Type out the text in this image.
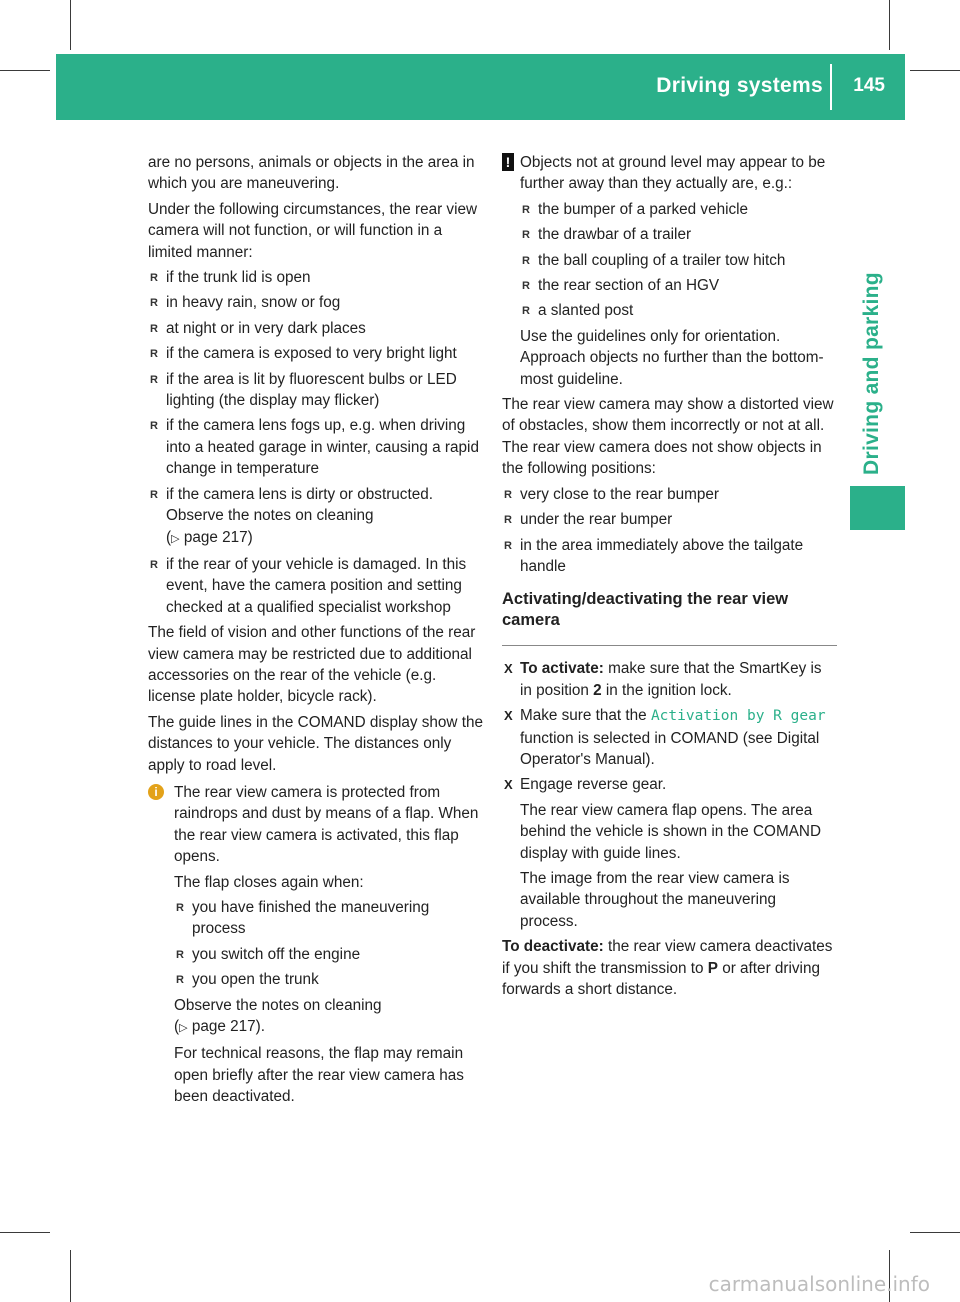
Driving systems 145
Driving and parking

are no persons, animals or objects in the area in which you are maneuvering.

Under the following circumstances, the rear view camera will not function, or will function in a limited manner:

R if the trunk lid is open
R in heavy rain, snow or fog
R at night or in very dark places
R if the camera is exposed to very bright light
R if the area is lit by fluorescent bulbs or LED lighting (the display may flicker)
R if the camera lens fogs up, e.g. when driving into a heated garage in winter, causing a rapid change in temperature
R if the camera lens is dirty or obstructed. Observe the notes on cleaning
(▷ page 217)
R if the rear of your vehicle is damaged. In this event, have the camera position and setting checked at a qualified specialist workshop

The field of vision and other functions of the rear view camera may be restricted due to additional accessories on the rear of the vehicle (e.g. license plate holder, bicycle rack).

The guide lines in the COMAND display show the distances to your vehicle. The distances only apply to road level.

i	The rear view camera is protected from raindrops and dust by means of a flap. When the rear view camera is activated, this flap opens.

The flap closes again when:

R you have finished the maneuvering process
R you switch off the engine
R you open the trunk

Observe the notes on cleaning
(▷ page 217).

For technical reasons, the flap may remain open briefly after the rear view camera has been deactivated.

! Objects not at ground level may appear to be further away than they actually are, e.g.:

R the bumper of a parked vehicle
R the drawbar of a trailer
R the ball coupling of a trailer tow hitch
R the rear section of an HGV
R a slanted post

Use the guidelines only for orientation. Approach objects no further than the bottom-most guideline.

The rear view camera may show a distorted view of obstacles, show them incorrectly or not at all. The rear view camera does not show objects in the following positions:

R very close to the rear bumper
R under the rear bumper
R in the area immediately above the tailgate handle
Activating/deactivating the rear view camera
X To activate: make sure that the SmartKey is in position 2 in the ignition lock.
X Make sure that the Activation by R gear function is selected in COMAND (see Digital Operator's Manual).
X Engage reverse gear.

The rear view camera flap opens. The area behind the vehicle is shown in the COMAND display with guide lines.

The image from the rear view camera is available throughout the maneuvering process.

To deactivate: the rear view camera deactivates if you shift the transmission to P or after driving forwards a short distance.

carmanualsonline.info
